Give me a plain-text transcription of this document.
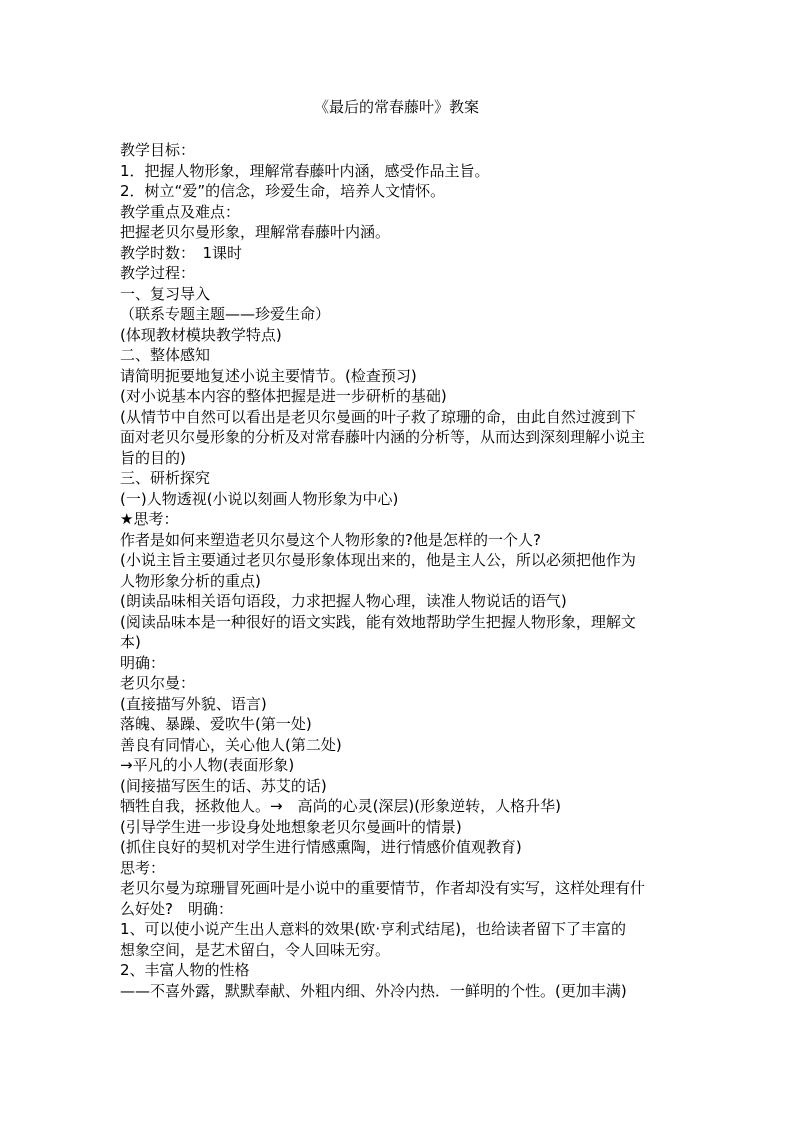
《最后的常春藤叶》教案
教学目标：
1．把握人物形象，理解常春藤叶内涵，感受作品主旨。
2．树立“爱”的信念，珍爱生命，培养人文情怀。
教学重点及难点：
把握老贝尔曼形象，理解常春藤叶内涵。
教学时数：　1课时
教学过程：
一、复习导入
（联系专题主题——珍爱生命）
(体现教材模块教学特点)
二、整体感知
请简明扼要地复述小说主要情节。(检查预习)
(对小说基本内容的整体把握是进一步研析的基础)
(从情节中自然可以看出是老贝尔曼画的叶子救了琼珊的命，由此自然过渡到下
面对老贝尔曼形象的分析及对常春藤叶内涵的分析等，从而达到深刻理解小说主
旨的目的)
三、研析探究
(一)人物透视(小说以刻画人物形象为中心)
★思考：
作者是如何来塑造老贝尔曼这个人物形象的?他是怎样的一个人?
(小说主旨主要通过老贝尔曼形象体现出来的，他是主人公，所以必须把他作为
人物形象分析的重点)
(朗读品味相关语句语段，力求把握人物心理，读准人物说话的语气)
(阅读品味本是一种很好的语文实践，能有效地帮助学生把握人物形象，理解文
本)
明确：
老贝尔曼：
(直接描写外貌、语言)
落魄、暴躁、爱吹牛(第一处)
善良有同情心，关心他人(第二处)
→平凡的小人物(表面形象)
(间接描写医生的话、苏艾的话)
牺牲自我，拯救他人。→　高尚的心灵(深层)(形象逆转，人格升华)
(引导学生进一步设身处地想象老贝尔曼画叶的情景)
(抓住良好的契机对学生进行情感熏陶，进行情感价值观教育)
思考：
老贝尔曼为琼珊冒死画叶是小说中的重要情节，作者却没有实写，这样处理有什
么好处?　明确：
1、可以使小说产生出人意料的效果(欧·亨利式结尾)，也给读者留下了丰富的
想象空间，是艺术留白，令人回味无穷。
2、丰富人物的性格
——不喜外露，默默奉献、外粗内细、外冷内热．一鲜明的个性。(更加丰满)
